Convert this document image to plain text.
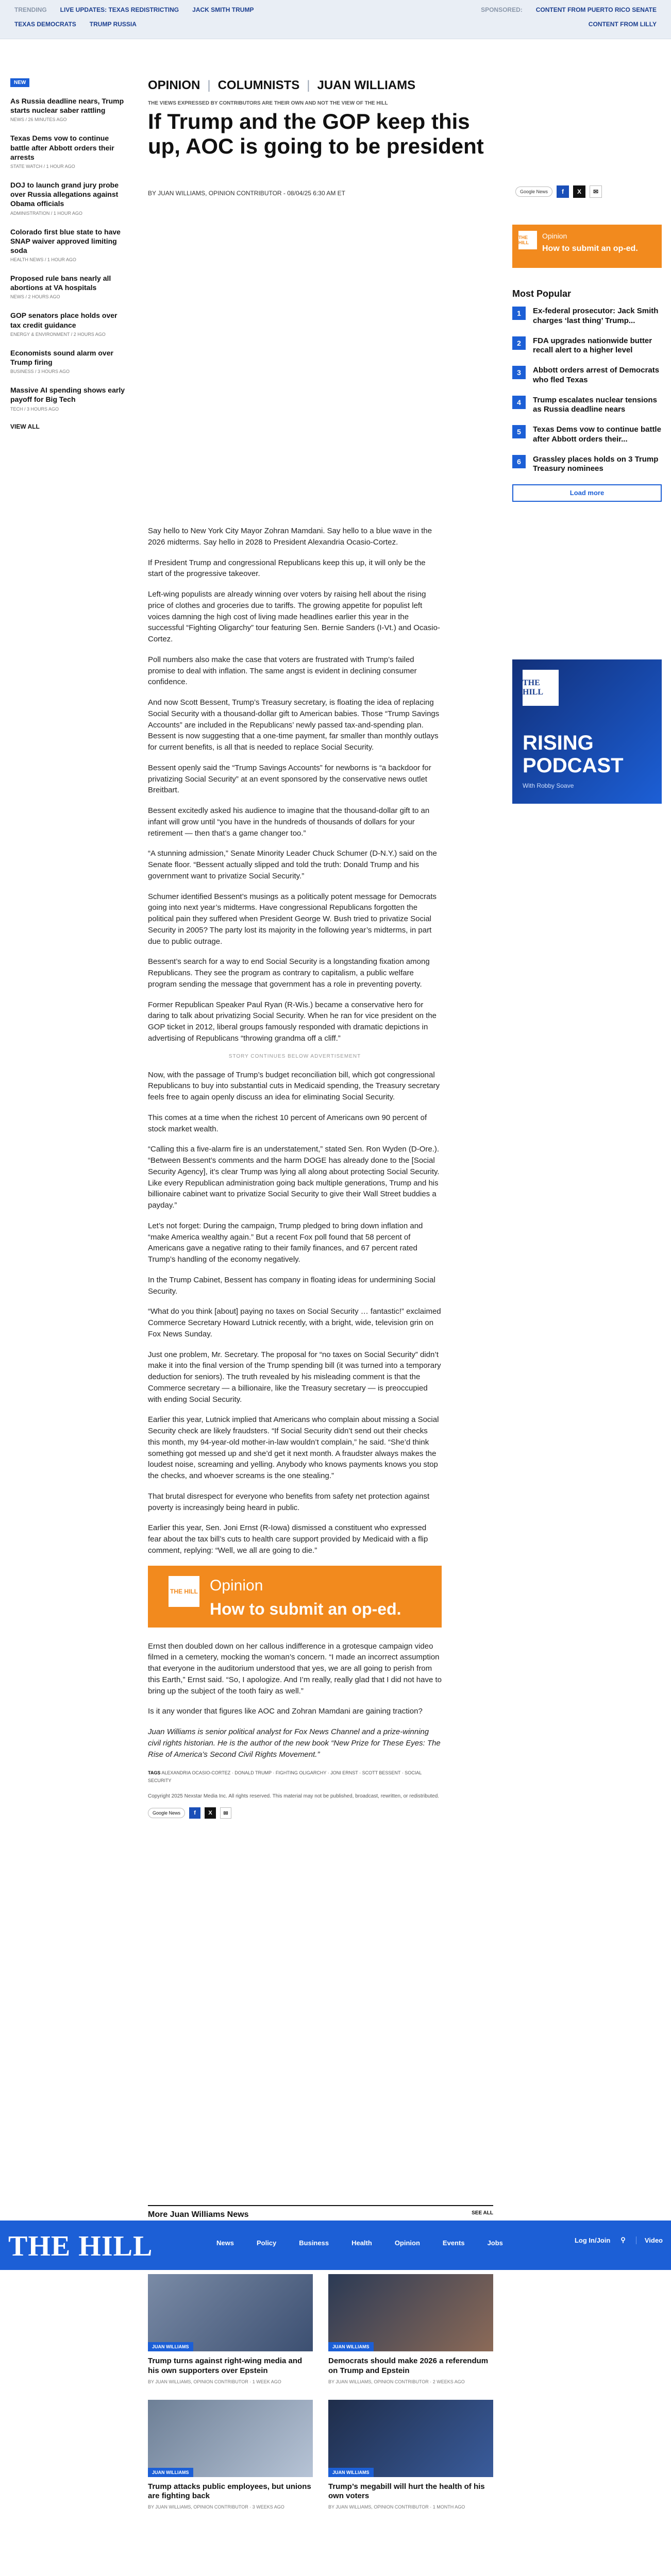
TRENDING LIVE UPDATES: TEXAS REDISTRICTING JACK SMITH TRUMP	SPONSORED: CONTENT FROM PUERTO RICO SENATE
TEXAS DEMOCRATS TRUMP RUSSIA	CONTENT FROM LILLY
NEW
As Russia deadline nears, Trump starts nuclear saber rattling
NEWS / 26 MINUTES AGO
Texas Dems vow to continue battle after Abbott orders their arrests
STATE WATCH / 1 HOUR AGO
DOJ to launch grand jury probe over Russia allegations against Obama officials
ADMINISTRATION / 1 HOUR AGO
Colorado first blue state to have SNAP waiver approved limiting soda
HEALTH NEWS / 1 HOUR AGO
Proposed rule bans nearly all abortions at VA hospitals
NEWS / 2 HOURS AGO
GOP senators place holds over tax credit guidance
ENERGY & ENVIRONMENT / 2 HOURS AGO
Economists sound alarm over Trump firing
BUSINESS / 3 HOURS AGO
Massive AI spending shows early payoff for Big Tech
TECH / 3 HOURS AGO
VIEW ALL
OPINION | COLUMNISTS | JUAN WILLIAMS
THE VIEWS EXPRESSED BY CONTRIBUTORS ARE THEIR OWN AND NOT THE VIEW OF THE HILL
If Trump and the GOP keep this up, AOC is going to be president
BY JUAN WILLIAMS, OPINION CONTRIBUTOR - 08/04/25 6:30 AM ET	Google News	f	X	✉
THE HILL
Opinion
How to submit an op-ed.
Most Popular
1	Ex-federal prosecutor: Jack Smith charges ‘last thing’ Trump...
2	FDA upgrades nationwide butter recall alert to a higher level
3	Abbott orders arrest of Democrats who fled Texas
4	Trump escalates nuclear tensions as Russia deadline nears
5	Texas Dems vow to continue battle after Abbott orders their...
6	Grassley places holds on 3 Trump Treasury nominees
Load more
THE HILL
RISING
PODCAST
With Robby Soave

Say hello to New York City Mayor Zohran Mamdani. Say hello to a blue wave in the 2026 midterms. Say hello in 2028 to President Alexandria Ocasio-Cortez.

If President Trump and congressional Republicans keep this up, it will only be the start of the progressive takeover.

Left-wing populists are already winning over voters by raising hell about the rising price of clothes and groceries due to tariffs. The growing appetite for populist left voices damning the high cost of living made headlines earlier this year in the successful “Fighting Oligarchy” tour featuring Sen. Bernie Sanders (I-Vt.) and Ocasio-Cortez.

Poll numbers also make the case that voters are frustrated with Trump’s failed promise to deal with inflation. The same angst is evident in declining consumer confidence.

And now Scott Bessent, Trump’s Treasury secretary, is floating the idea of replacing Social Security with a thousand-dollar gift to American babies. Those “Trump Savings Accounts” are included in the Republicans’ newly passed tax-and-spending plan. Bessent is now suggesting that a one-time payment, far smaller than monthly outlays for current benefits, is all that is needed to replace Social Security.

Bessent openly said the “Trump Savings Accounts” for newborns is “a backdoor for privatizing Social Security” at an event sponsored by the conservative news outlet Breitbart.

Bessent excitedly asked his audience to imagine that the thousand-dollar gift to an infant will grow until “you have in the hundreds of thousands of dollars for your retirement — then that’s a game changer too.”

“A stunning admission,” Senate Minority Leader Chuck Schumer (D-N.Y.) said on the Senate floor. “Bessent actually slipped and told the truth: Donald Trump and his government want to privatize Social Security.”

Schumer identified Bessent’s musings as a politically potent message for Democrats going into next year’s midterms. Have congressional Republicans forgotten the political pain they suffered when President George W. Bush tried to privatize Social Security in 2005? The party lost its majority in the following year’s midterms, in part due to public outrage.

Bessent’s search for a way to end Social Security is a longstanding fixation among Republicans. They see the program as contrary to capitalism, a public welfare program sending the message that government has a role in preventing poverty.

Former Republican Speaker Paul Ryan (R-Wis.) became a conservative hero for daring to talk about privatizing Social Security. When he ran for vice president on the GOP ticket in 2012, liberal groups famously responded with dramatic depictions in advertising of Republicans “throwing grandma off a cliff.”

STORY CONTINUES BELOW ADVERTISEMENT

Now, with the passage of Trump’s budget reconciliation bill, which got congressional Republicans to buy into substantial cuts in Medicaid spending, the Treasury secretary feels free to again openly discuss an idea for eliminating Social Security.

This comes at a time when the richest 10 percent of Americans own 90 percent of stock market wealth.

“Calling this a five-alarm fire is an understatement,” stated Sen. Ron Wyden (D-Ore.). “Between Bessent’s comments and the harm DOGE has already done to the [Social Security Agency], it’s clear Trump was lying all along about protecting Social Security. Like every Republican administration going back multiple generations, Trump and his billionaire cabinet want to privatize Social Security to give their Wall Street buddies a payday.”

Let’s not forget: During the campaign, Trump pledged to bring down inflation and “make America wealthy again.” But a recent Fox poll found that 58 percent of Americans gave a negative rating to their family finances, and 67 percent rated Trump’s handling of the economy negatively.

In the Trump Cabinet, Bessent has company in floating ideas for undermining Social Security.

“What do you think [about] paying no taxes on Social Security … fantastic!” exclaimed Commerce Secretary Howard Lutnick recently, with a bright, wide, television grin on Fox News Sunday.

Just one problem, Mr. Secretary. The proposal for “no taxes on Social Security” didn’t make it into the final version of the Trump spending bill (it was turned into a temporary deduction for seniors). The truth revealed by his misleading comment is that the Commerce secretary — a billionaire, like the Treasury secretary — is preoccupied with ending Social Security.

Earlier this year, Lutnick implied that Americans who complain about missing a Social Security check are likely fraudsters. “If Social Security didn’t send out their checks this month, my 94-year-old mother-in-law wouldn’t complain,” he said. “She’d think something got messed up and she’d get it next month. A fraudster always makes the loudest noise, screaming and yelling. Anybody who knows payments knows you stop the checks, and whoever screams is the one stealing.”

That brutal disrespect for everyone who benefits from safety net protection against poverty is increasingly being heard in public.

Earlier this year, Sen. Joni Ernst (R-Iowa) dismissed a constituent who expressed fear about the tax bill’s cuts to health care support provided by Medicaid with a flip comment, replying: “Well, we all are going to die.”

THE HILL Opinion
How to submit an op-ed.

Ernst then doubled down on her callous indifference in a grotesque campaign video filmed in a cemetery, mocking the woman’s concern. “I made an incorrect assumption that everyone in the auditorium understood that yes, we are all going to perish from this Earth,” Ernst said. “So, I apologize. And I’m really, really glad that I did not have to bring up the subject of the tooth fairy as well.”

Is it any wonder that figures like AOC and Zohran Mamdani are gaining traction?

Juan Williams is senior political analyst for Fox News Channel and a prize-winning civil rights historian. He is the author of the new book “New Prize for These Eyes: The Rise of America’s Second Civil Rights Movement.”

TAGS ALEXANDRIA OCASIO-CORTEZ · DONALD TRUMP · FIGHTING OLIGARCHY · JONI ERNST · SCOTT BESSENT · SOCIAL SECURITY
Copyright 2025 Nexstar Media Inc. All rights reserved. This material may not be published, broadcast, rewritten, or redistributed.
Google News	f	X	✉
More Juan Williams News	SEE ALL
THE HILL	News	Policy	Business	Health	Opinion	Events	Jobs	Log In/Join ⚲	Video
JUAN WILLIAMS
Trump turns against right-wing media and his own supporters over Epstein
BY JUAN WILLIAMS, OPINION CONTRIBUTOR · 1 WEEK AGO
JUAN WILLIAMS
Democrats should make 2026 a referendum on Trump and Epstein
BY JUAN WILLIAMS, OPINION CONTRIBUTOR · 2 WEEKS AGO
JUAN WILLIAMS
Trump attacks public employees, but unions are fighting back
BY JUAN WILLIAMS, OPINION CONTRIBUTOR · 3 WEEKS AGO
JUAN WILLIAMS
Trump’s megabill will hurt the health of his own voters
BY JUAN WILLIAMS, OPINION CONTRIBUTOR · 1 MONTH AGO
